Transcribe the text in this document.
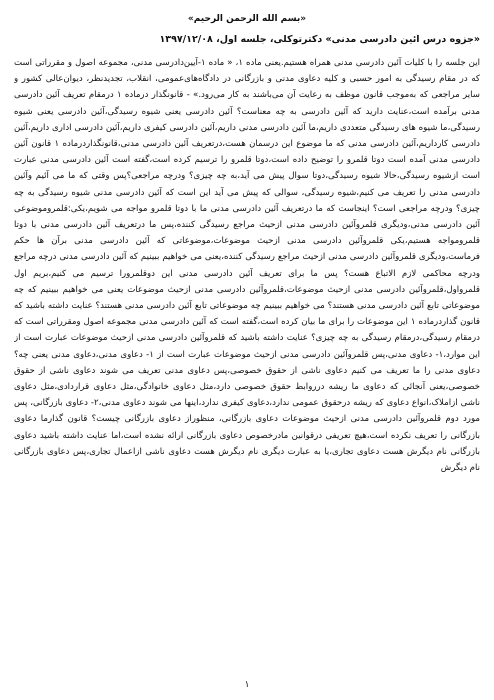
«بسم الله الرحمن الرحیم»
«جزوه درس آئین دادرسی مدنی» دکترتوکلی، جلسه اول، ۱۳۹۷/۱۲/۰۸
این جلسه را با کلیات آئین دادرسی مدنی همراه هستیم.یعنی ماده ۱، « ماده ۱-آیین‌دادرسی مدنی، مجموعه اصول و مقرراتی است که در مقام رسیدگی به امور حسبی و کلیه دعاوی مدنی و بازرگانی در دادگاه‌های‌عمومی، انقلاب، تجدیدنظر، دیوان‌عالی کشور و سایر مراجعی که به‌موجب قانون موظف به رعایت آن می‌باشند به کار می‌رود.» - قانونگذار درماده ۱ درمقام تعریف آئین دادرسی مدنی برآمده است،عنایت دارید که آئین دادرسی به چه معناست؟ آئین دادرسی یعنی شیوه رسیدگی،آئین دادرسی یعنی شیوه رسیدگی،ما شیوه های رسیدگی متعددی داریم،ما آئین دادرسی مدنی داریم،آئین دادرسی کیفری داریم،آئین دادرسی اداری داریم،آئین دادرسی کارداریم،آئین دادرسی مدنی که ما موضوع این درسمان هست،درتعریف آئین دادرسی مدنی،قانونگذاردرماده ۱ قانون آئین دادرسی مدنی آمده است دوتا قلمرو را توضیح داده است،دوتا قلمرو را ترسیم کرده است،گفته است آئین دادرسی مدنی عبارت است ازشیوه رسیدگی،حالا شیوه رسیدگی،دوتا سوال پیش می آید،به چه چیزی؟ ودرچه مراجعی؟پس وقتی که ما می آئیم وآئین دادرسی مدنی را تعریف می کنیم،شیوه رسیدگی، سوالی که پیش می آید این است که آئین دادرسی مدنی شیوه رسیدگی به چه چیزی؟ ودرچه مراجعی است؟ اینجاست که ما درتعریف آئین دادرسی مدنی ما با دوتا قلمرو مواجه می شویم،یکی:قلمروموضوعی آئین دادرسی مدنی،ودیگری قلمروآئین دادرسی مدنی ازحیث مراجع رسیدگی کننده،پس ما درتعریف آئین دادرسی مدنی با دوتا قلمرومواجه هستیم،یکی قلمروآئین دادرسی مدنی ازحیث موضوعات،موضوعاتی که آئین دادرسی مدنی برآن ها حکم فرماست،ودیگری قلمروآئین دادرسی مدنی ازحیث مراجع رسیدگی کننده،یعنی می خواهیم ببینیم که آئین دادرسی مدنی درچه مراجع ودرچه محاکمی لازم الاتباع هست؟ پس ما برای تعریف آئین دادرسی مدنی این دوقلمرورا ترسیم می کنیم،بریم اول قلمروا‌ول،قلمروآئین دادرسی مدنی ازحیث موضوعات،قلمروآئین دادرسی مدنی ازحیث موضوعات یعنی می خواهیم ببینیم که چه موضوعاتی تابع آئین دادرسی مدنی هستند؟ می خواهیم ببینیم چه موضوعاتی تابع آئین دادرسی مدنی هستند؟ عنایت داشته باشید که قانون گذاردرماده ۱ این موضوعات را برای ما بیان کرده است،گفته است که آئین دادرسی مدنی مجموعه اصول ومقرراتی است که درمقام رسیدگی،درمقام رسیدگی به چه چیزی؟ عنایت داشته باشید که قلمروآئین دادرسی مدنی ازحیث موضوعات عبارت است از این موارد،۱- دعاوی مدنی،پس قلمروآئین دادرسی مدنی ازحیث موضوعات عبارت است از ۱- دعاوی مدنی،دعاوی مدنی یعنی چه؟ دعاوی مدنی را ما تعریف می کنیم دعاوی ناشی از حقوق خصوصی،پس دعاوی مدنی تعریف می شوند دعاوی ناشی از حقوق خصوصی،یعنی آنجائی که دعاوی ما ریشه دررو‌ابط حقوق خصوصی دارد،مثل دعاوی خانوادگی،مثل دعاوی قراردادی،مثل دعاوی ناشی ازاملاک،انواع دعاوی که ریشه درحقوق عمومی ندارد،دعاوی کیفری ندارد،اینها می شوند دعاوی مدنی،۲- دعاوی بازرگانی، پس مورد دوم قلمروآئین دادرسی مدنی ازحیث موضوعات دعاوی بازرگانی، منظوراز دعاوی بازرگانی چیست؟ قانون گذارما دعاوی بازرگانی را تعریف نکرده است،هیچ تعریفی درقوانین مادرخصوص دعاوی بازرگانی ارائه نشده است،اما عنایت داشته باشید دعاوی بازرگانی نام دیگرش هست دعاوی تجاری،یا به عبارت دیگری نام دیگرش هست دعاوی ناشی ازاعمال تجاری،پس دعاوی بازرگانی نام دیگرش
۱
